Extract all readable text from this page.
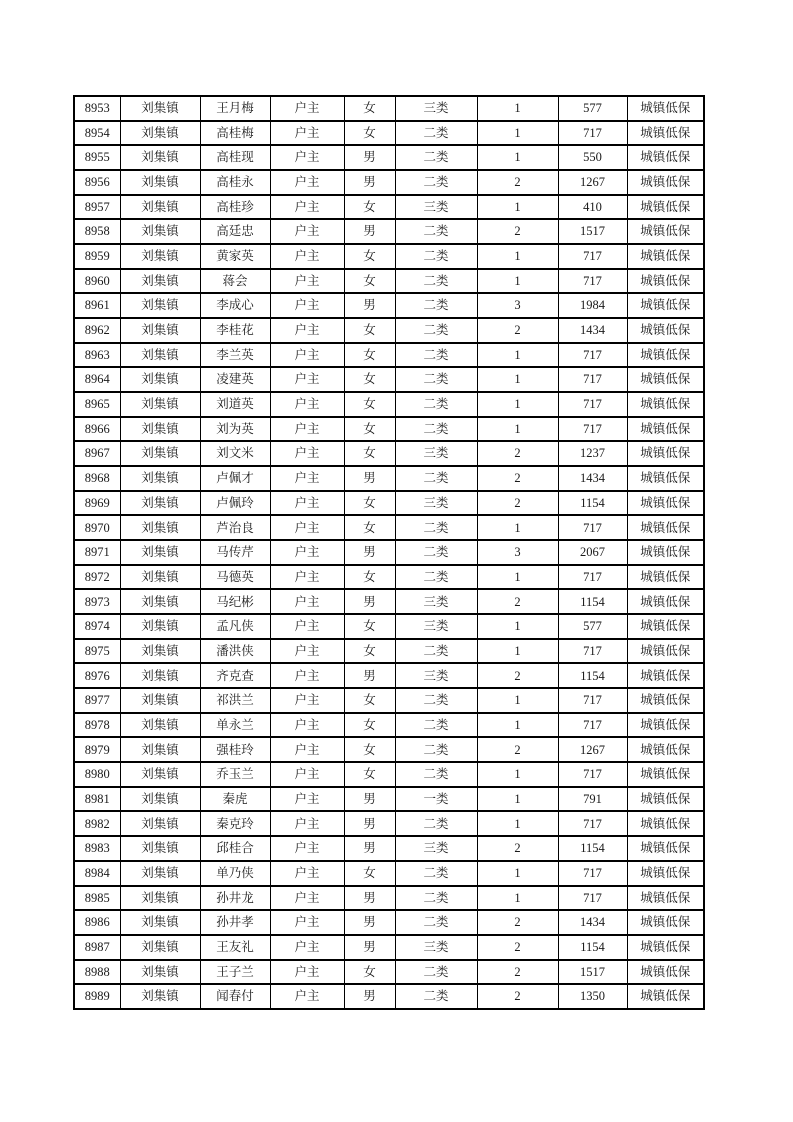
8953	刘集镇	王月梅	户主	女	三类	1	577	城镇低保
8954	刘集镇	高桂梅	户主	女	二类	1	717	城镇低保
8955	刘集镇	高桂现	户主	男	二类	1	550	城镇低保
8956	刘集镇	高桂永	户主	男	二类	2	1267	城镇低保
8957	刘集镇	高桂珍	户主	女	三类	1	410	城镇低保
8958	刘集镇	高廷忠	户主	男	二类	2	1517	城镇低保
8959	刘集镇	黄家英	户主	女	二类	1	717	城镇低保
8960	刘集镇	蒋会	户主	女	二类	1	717	城镇低保
8961	刘集镇	李成心	户主	男	二类	3	1984	城镇低保
8962	刘集镇	李桂花	户主	女	二类	2	1434	城镇低保
8963	刘集镇	李兰英	户主	女	二类	1	717	城镇低保
8964	刘集镇	凌建英	户主	女	二类	1	717	城镇低保
8965	刘集镇	刘道英	户主	女	二类	1	717	城镇低保
8966	刘集镇	刘为英	户主	女	二类	1	717	城镇低保
8967	刘集镇	刘文米	户主	女	三类	2	1237	城镇低保
8968	刘集镇	卢佩才	户主	男	二类	2	1434	城镇低保
8969	刘集镇	卢佩玲	户主	女	三类	2	1154	城镇低保
8970	刘集镇	芦治良	户主	女	二类	1	717	城镇低保
8971	刘集镇	马传芹	户主	男	二类	3	2067	城镇低保
8972	刘集镇	马德英	户主	女	二类	1	717	城镇低保
8973	刘集镇	马纪彬	户主	男	三类	2	1154	城镇低保
8974	刘集镇	孟凡侠	户主	女	三类	1	577	城镇低保
8975	刘集镇	潘洪侠	户主	女	二类	1	717	城镇低保
8976	刘集镇	齐克查	户主	男	三类	2	1154	城镇低保
8977	刘集镇	祁洪兰	户主	女	二类	1	717	城镇低保
8978	刘集镇	单永兰	户主	女	二类	1	717	城镇低保
8979	刘集镇	强桂玲	户主	女	二类	2	1267	城镇低保
8980	刘集镇	乔玉兰	户主	女	二类	1	717	城镇低保
8981	刘集镇	秦虎	户主	男	一类	1	791	城镇低保
8982	刘集镇	秦克玲	户主	男	二类	1	717	城镇低保
8983	刘集镇	邱桂合	户主	男	三类	2	1154	城镇低保
8984	刘集镇	单乃侠	户主	女	二类	1	717	城镇低保
8985	刘集镇	孙井龙	户主	男	二类	1	717	城镇低保
8986	刘集镇	孙井孝	户主	男	二类	2	1434	城镇低保
8987	刘集镇	王友礼	户主	男	三类	2	1154	城镇低保
8988	刘集镇	王子兰	户主	女	二类	2	1517	城镇低保
8989	刘集镇	闻春付	户主	男	二类	2	1350	城镇低保
